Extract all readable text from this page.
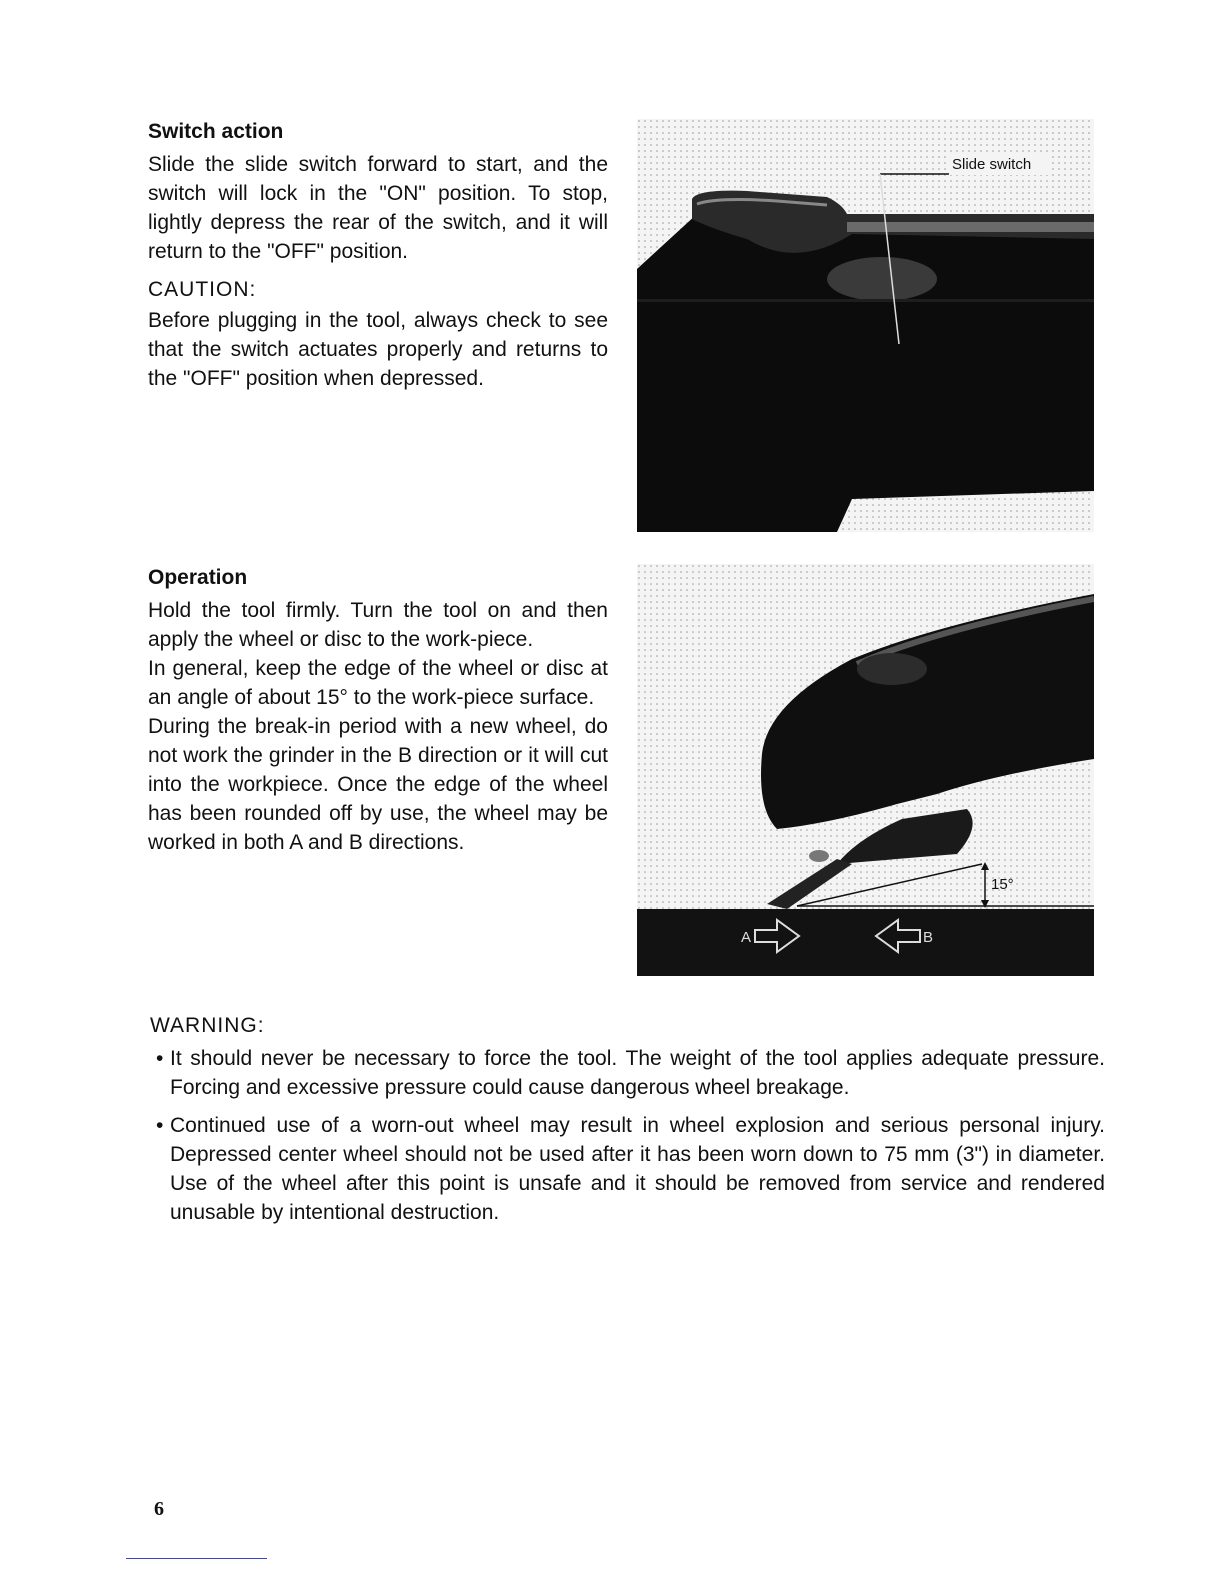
Switch action

Slide the slide switch forward to start, and the switch will lock in the "ON" position. To stop, lightly depress the rear of the switch, and it will return to the "OFF" position.

CAUTION:

Before plugging in the tool, always check to see that the switch actuates properly and returns to the "OFF" position when depressed.

Slide switch

Operation

Hold the tool firmly. Turn the tool on and then apply the wheel or disc to the work-piece.

In general, keep the edge of the wheel or disc at an angle of about 15° to the work-piece surface.

During the break-in period with a new wheel, do not work the grinder in the B direction or it will cut into the workpiece. Once the edge of the wheel has been rounded off by use, the wheel may be worked in both A and B directions.

15°
A	B

WARNING:

• It should never be necessary to force the tool. The weight of the tool applies adequate pressure. Forcing and excessive pressure could cause dangerous wheel breakage.

• Continued use of a worn-out wheel may result in wheel explosion and serious personal injury. Depressed center wheel should not be used after it has been worn down to 75 mm (3") in diameter. Use of the wheel after this point is unsafe and it should be removed from service and rendered unusable by intentional destruction.

6
